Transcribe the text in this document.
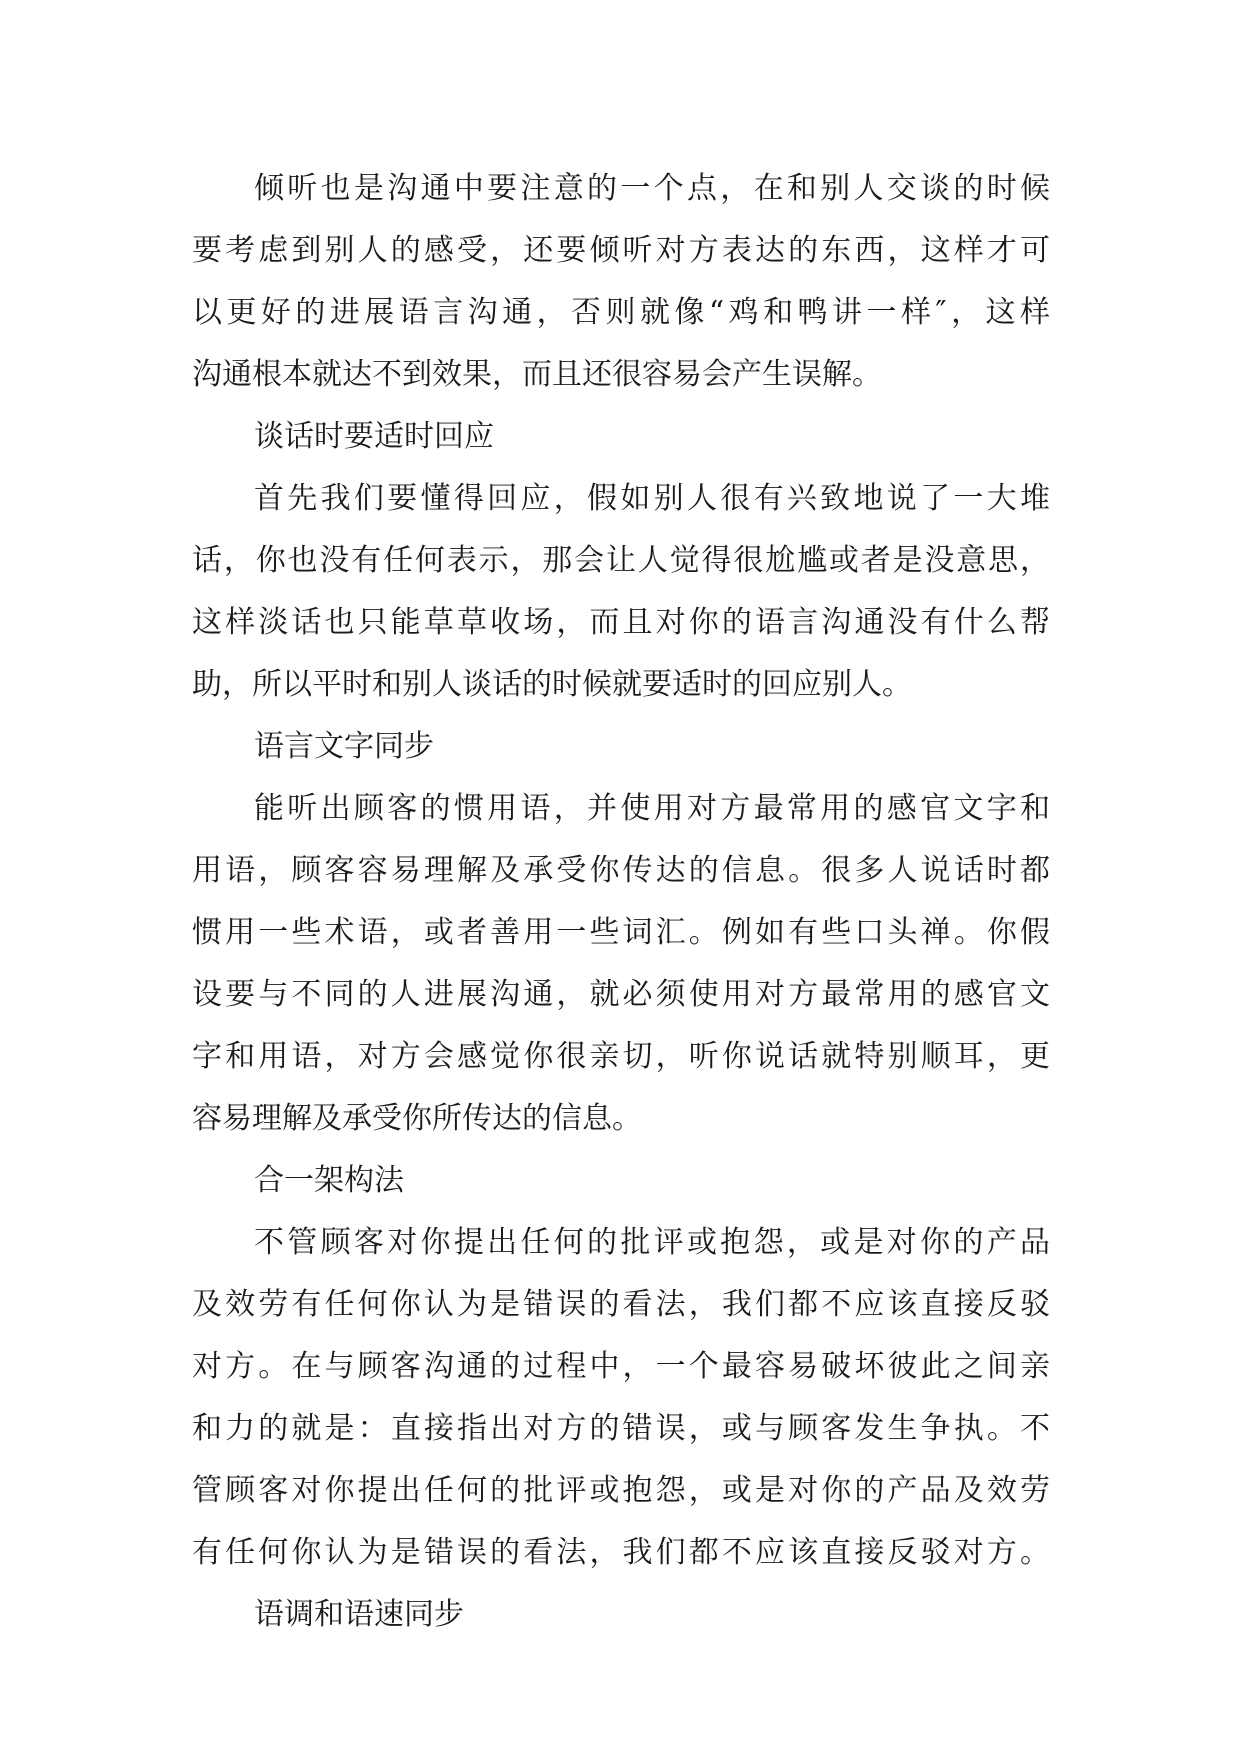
倾听也是沟通中要注意的一个点，在和别人交谈的时候
要考虑到别人的感受，还要倾听对方表达的东西，这样才可
以更好的进展语言沟通，否则就像“鸡和鸭讲一样″，这样
沟通根本就达不到效果，而且还很容易会产生误解。
谈话时要适时回应
首先我们要懂得回应，假如别人很有兴致地说了一大堆
话，你也没有任何表示，那会让人觉得很尬尴或者是没意思，
这样淡话也只能草草收场，而且对你的语言沟通没有什么帮
助，所以平时和别人谈话的时候就要适时的回应别人。
语言文字同步
能听出顾客的惯用语，并使用对方最常用的感官文字和
用语，顾客容易理解及承受你传达的信息。很多人说话时都
惯用一些术语，或者善用一些词汇。例如有些口头禅。你假
设要与不同的人进展沟通，就必须使用对方最常用的感官文
字和用语，对方会感觉你很亲切，听你说话就特别顺耳，更
容易理解及承受你所传达的信息。
合一架构法
不管顾客对你提出任何的批评或抱怨，或是对你的产品
及效劳有任何你认为是错误的看法，我们都不应该直接反驳
对方。在与顾客沟通的过程中，一个最容易破坏彼此之间亲
和力的就是：直接指出对方的错误，或与顾客发生争执。不
管顾客对你提出任何的批评或抱怨，或是对你的产品及效劳
有任何你认为是错误的看法，我们都不应该直接反驳对方。
语调和语速同步
